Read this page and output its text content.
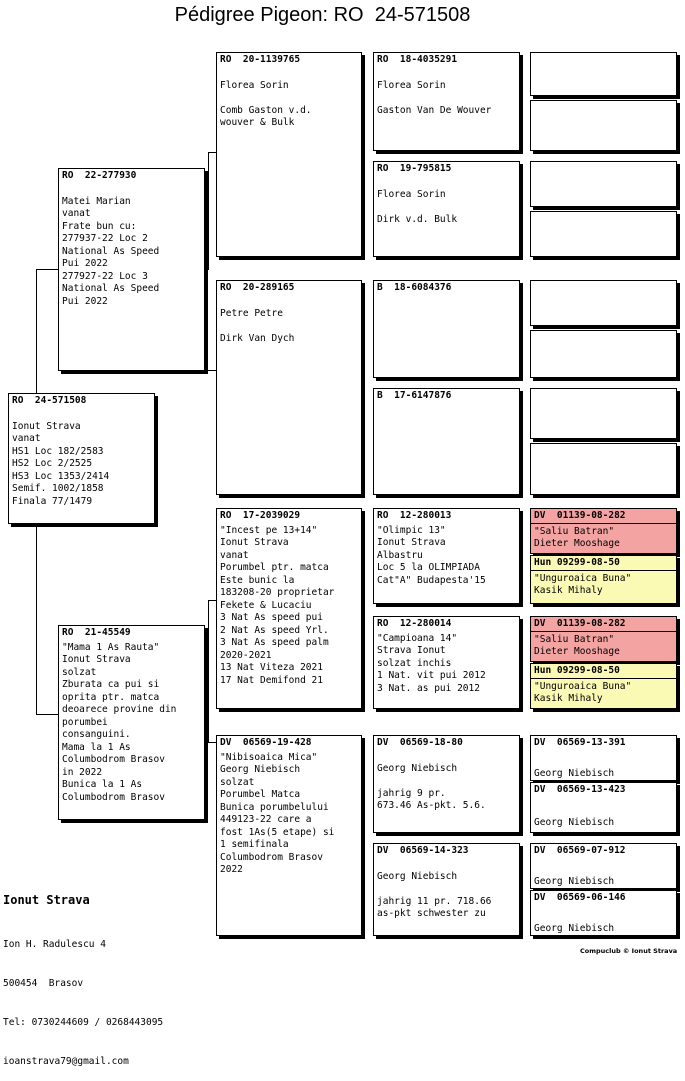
Pédigree Pigeon: RO  24-571508
RO  24-571508
Ionut Strava
vanat
HS1 Loc 182/2583
HS2 Loc 2/2525
HS3 Loc 1353/2414
Semif. 1002/1858
Finala 77/1479
RO  22-277930
Matei Marian
vanat
Frate bun cu:
277937-22 Loc 2
National As Speed
Pui 2022
277927-22 Loc 3
National As Speed
Pui 2022
RO  21-45549
"Mama 1 As Rauta"
Ionut Strava
solzat
Zburata ca pui si
oprita ptr. matca
deoarece provine din
porumbei
consanguini.
Mama la 1 As
Columbodrom Brasov
in 2022
Bunica la 1 As
Columbodrom Brasov
RO  20-1139765
Florea Sorin

Comb Gaston v.d.
wouver & Bulk
RO  20-289165
Petre Petre

Dirk Van Dych
RO  17-2039029
"Incest pe 13+14"
Ionut Strava
vanat
Porumbel ptr. matca
Este bunic la
183208-20 proprietar
Fekete & Lucaciu
3 Nat As speed pui
2 Nat As speed Yrl.
3 Nat As speed palm
2020-2021
13 Nat Viteza 2021
17 Nat Demifond 21
DV  06569-19-428
"Nibisoaica Mica"
Georg Niebisch
solzat
Porumbel Matca
Bunica porumbelului
449123-22 care a
fost 1As(5 etape) si
1 semifinala
Columbodrom Brasov
2022
RO  18-4035291
Florea Sorin

Gaston Van De Wouver
RO  19-795815
Florea Sorin

Dirk v.d. Bulk
B  18-6084376
B  17-6147876
RO  12-280013
"Olimpic 13"
Ionut Strava
Albastru
Loc 5 la OLIMPIADA
Cat"A" Budapesta'15
RO  12-280014
"Campioana 14"
Strava Ionut
solzat inchis
1 Nat. vit pui 2012
3 Nat. as pui 2012
DV  06569-18-80
Georg Niebisch

jahrig 9 pr.
673.46 As-pkt. 5.6.
DV  06569-14-323
Georg Niebisch

jahrig 11 pr. 718.66
as-pkt schwester zu
DV  01139-08-282
"Saliu Batran"
Dieter Mooshage
Hun 09299-08-50
"Unguroaica Buna"
Kasik Mihaly
DV  01139-08-282
"Saliu Batran"
Dieter Mooshage
Hun 09299-08-50
"Unguroaica Buna"
Kasik Mihaly
DV  06569-13-391
Georg Niebisch
DV  06569-13-423
Georg Niebisch
DV  06569-07-912
Georg Niebisch
DV  06569-06-146
Georg Niebisch

Ionut Strava

Ion H. Radulescu 4

500454  Brasov

Tel: 0730244609 / 0268443095

ioanstrava79@gmail.com

Compuclub © Ionut Strava
